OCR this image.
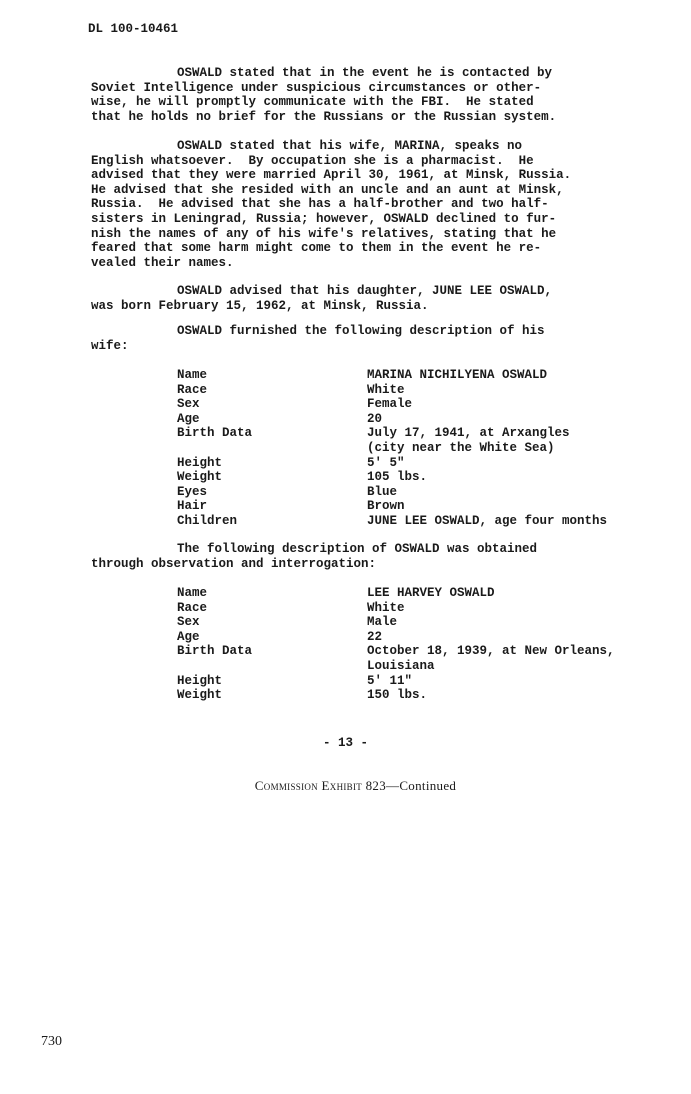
DL 100-10461
OSWALD stated that in the event he is contacted by
Soviet Intelligence under suspicious circumstances or other-
wise, he will promptly communicate with the FBI.  He stated
that he holds no brief for the Russians or the Russian system.
OSWALD stated that his wife, MARINA, speaks no
English whatsoever.  By occupation she is a pharmacist.  He
advised that they were married April 30, 1961, at Minsk, Russia.
He advised that she resided with an uncle and an aunt at Minsk,
Russia.  He advised that she has a half-brother and two half-
sisters in Leningrad, Russia; however, OSWALD declined to fur-
nish the names of any of his wife's relatives, stating that he
feared that some harm might come to them in the event he re-
vealed their names.
OSWALD advised that his daughter, JUNE LEE OSWALD,
was born February 15, 1962, at Minsk, Russia.
OSWALD furnished the following description of his
wife:
Name	MARINA NICHILYENA OSWALD
Race	White
Sex	Female
Age	20
Birth Data	July 17, 1941, at Arxangles
(city near the White Sea)
Height	5' 5"
Weight	105 lbs.
Eyes	Blue
Hair	Brown
Children	JUNE LEE OSWALD, age four months
The following description of OSWALD was obtained
through observation and interrogation:
Name	LEE HARVEY OSWALD
Race	White
Sex	Male
Age	22
Birth Data	October 18, 1939, at New Orleans,
Louisiana
Height	5' 11"
Weight	150 lbs.
- 13 -
Commission Exhibit 823—Continued
730
